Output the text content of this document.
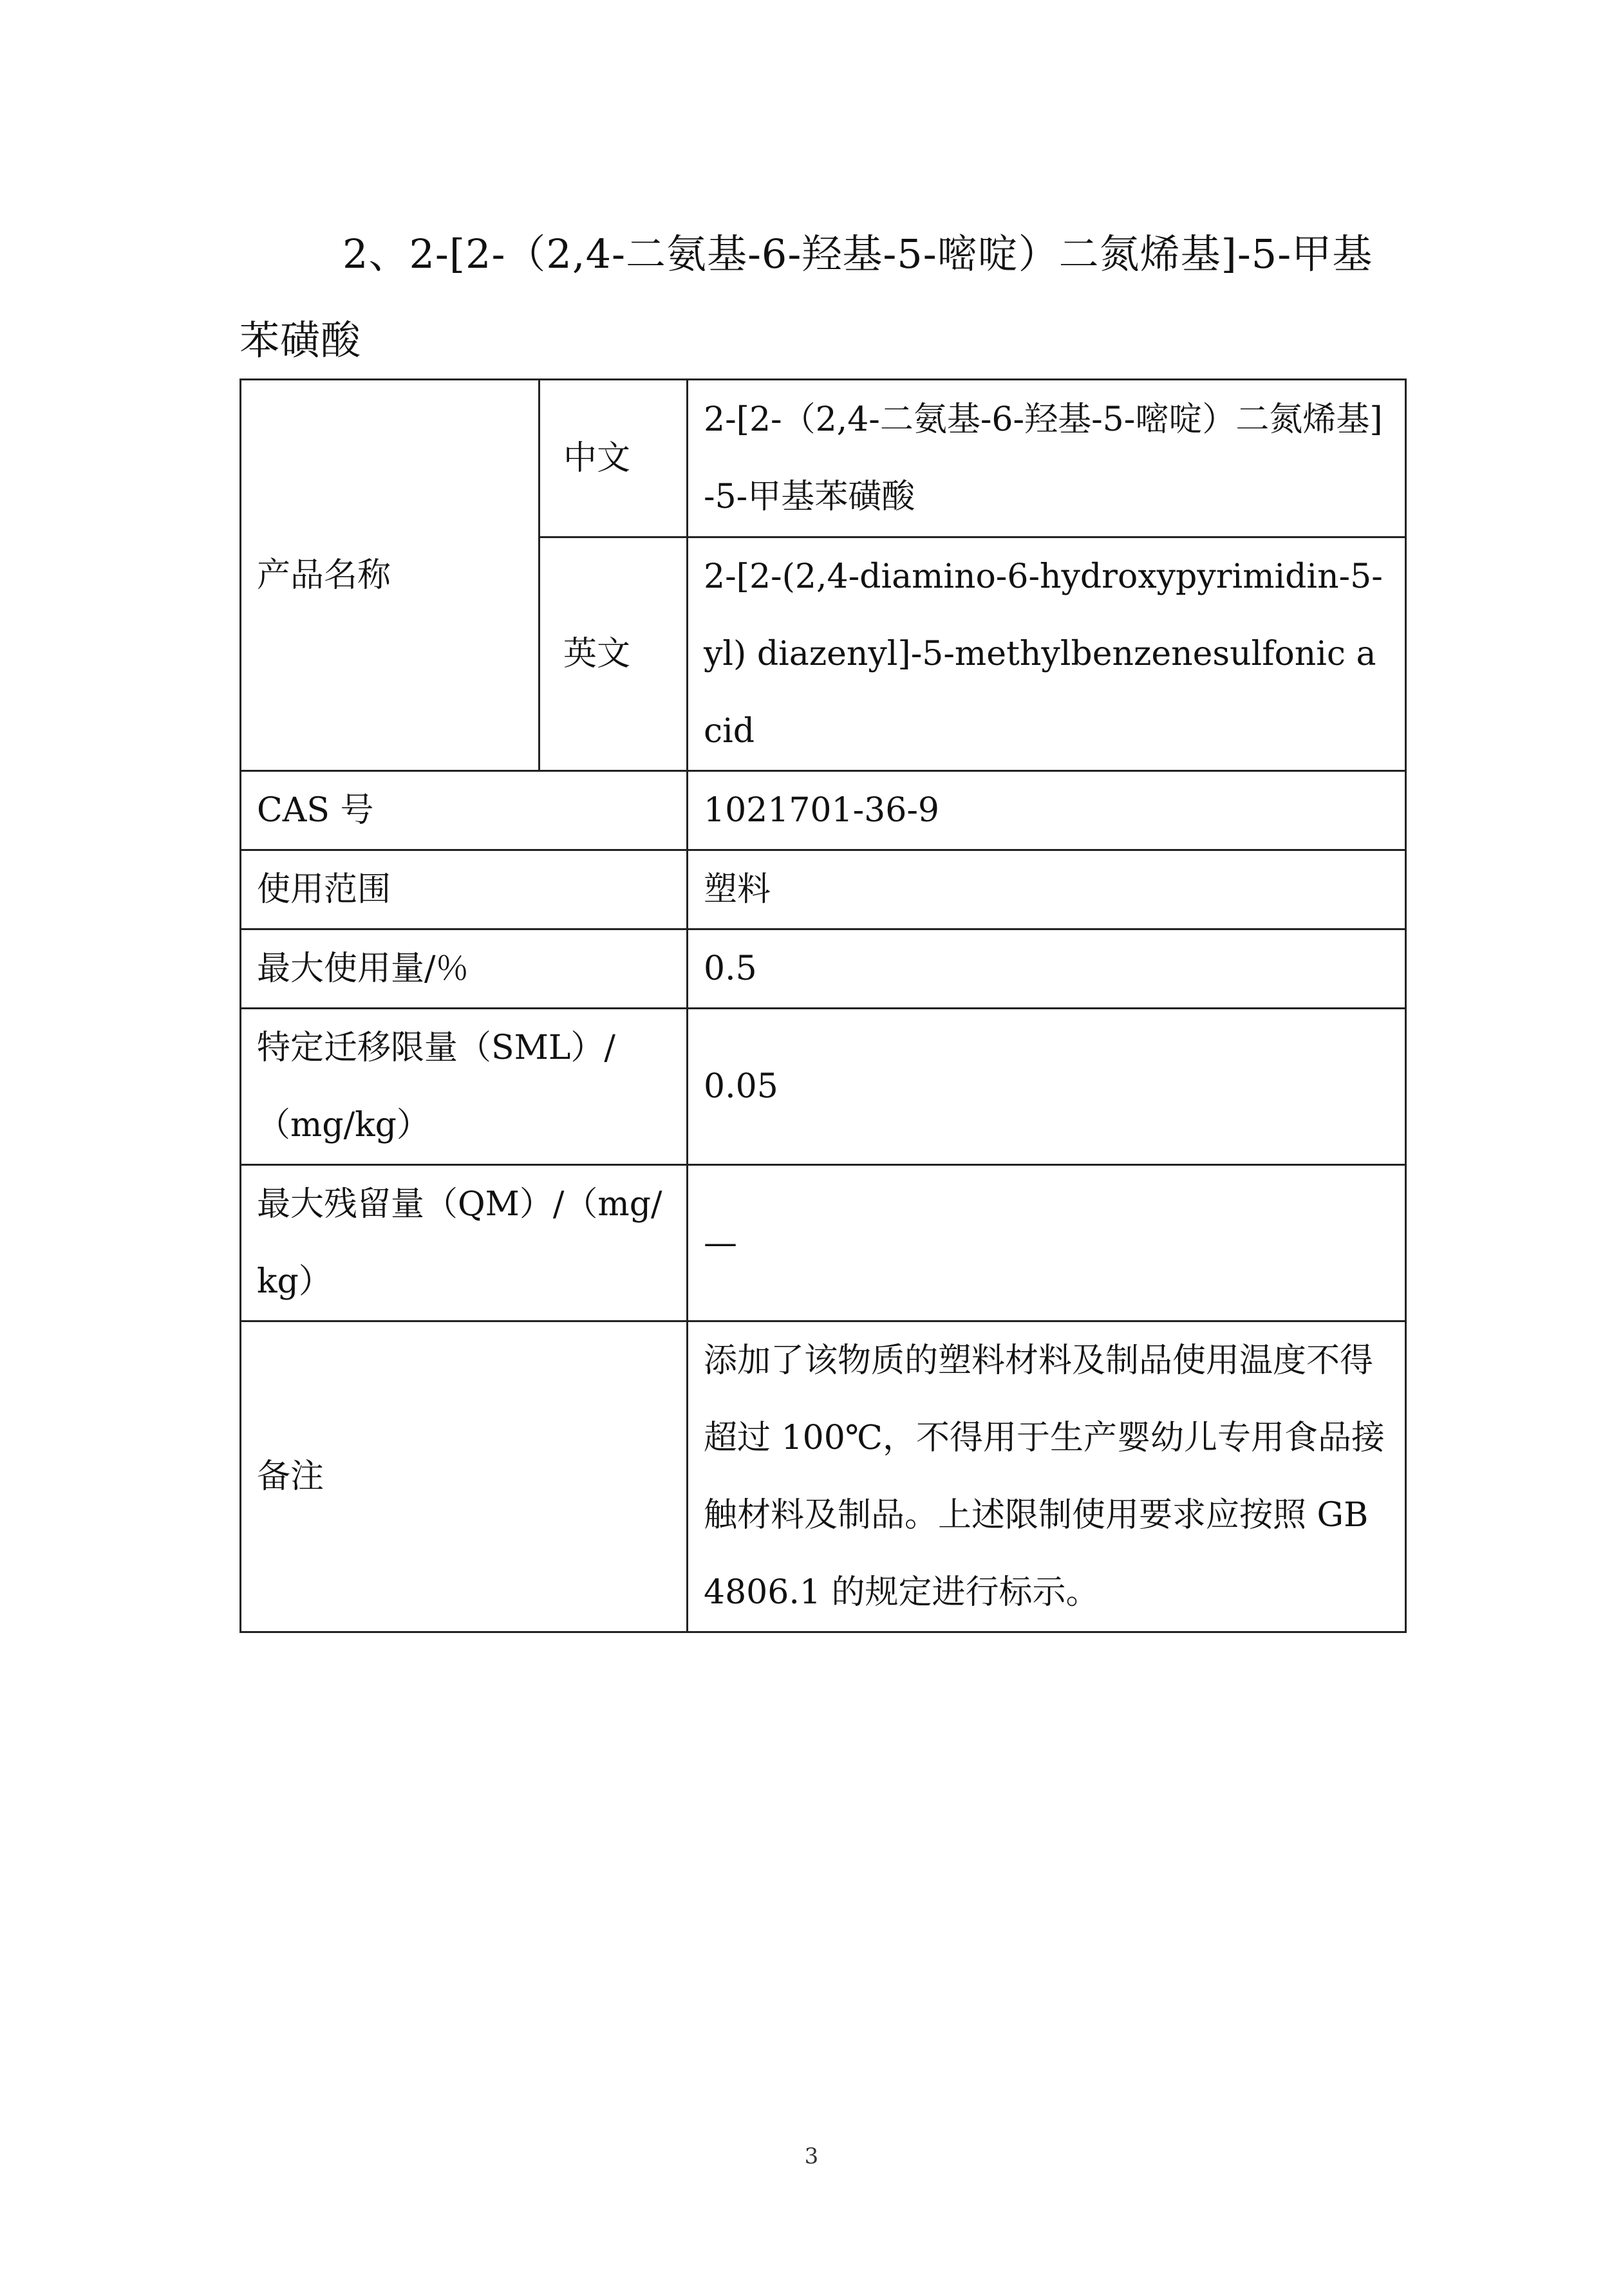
2、2-[2-（2,4-二氨基-6-羟基-5-嘧啶）二氮烯基]-5-甲基苯磺酸
产品名称	中文	2-[2-（2,4-二氨基-6-羟基-5-嘧啶）二氮烯基]-5-甲基苯磺酸
	英文	2-[2-(2,4-diamino-6-hydroxypyrimidin-5-yl) diazenyl]-5-methylbenzenesulfonic acid
CAS 号		1021701-36-9
使用范围		塑料
最大使用量/％		0.5
特定迁移限量（SML）/（mg/kg）		0.05
最大残留量（QM）/（mg/kg）		—
备注		添加了该物质的塑料材料及制品使用温度不得超过 100℃，不得用于生产婴幼儿专用食品接触材料及制品。上述限制使用要求应按照 GB 4806.1 的规定进行标示。
3
